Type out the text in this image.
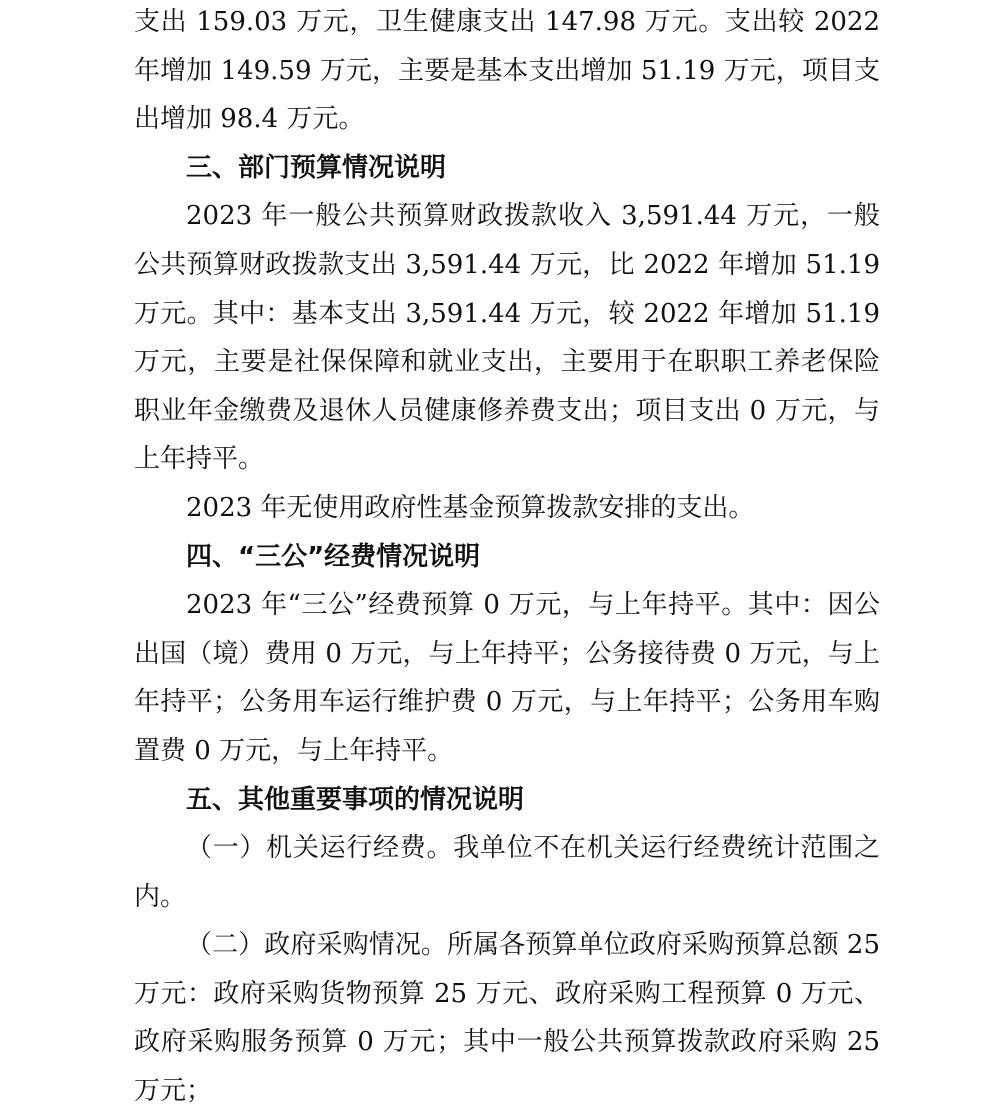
支出 159.03 万元，卫生健康支出 147.98 万元。支出较 2022 年增加 149.59 万元，主要是基本支出增加 51.19 万元，项目支出增加 98.4 万元。

三、部门预算情况说明

2023 年一般公共预算财政拨款收入 3,591.44 万元，一般公共预算财政拨款支出 3,591.44 万元，比 2022 年增加 51.19 万元。其中：基本支出 3,591.44 万元，较 2022 年增加 51.19 万元，主要是社保保障和就业支出，主要用于在职职工养老保险职业年金缴费及退休人员健康修养费支出；项目支出 0 万元，与上年持平。

2023 年无使用政府性基金预算拨款安排的支出。

四、“三公”经费情况说明

2023 年“三公”经费预算 0 万元，与上年持平。其中：因公出国（境）费用 0 万元，与上年持平；公务接待费 0 万元，与上年持平；公务用车运行维护费 0 万元，与上年持平；公务用车购置费 0 万元，与上年持平。

五、其他重要事项的情况说明

（一）机关运行经费。我单位不在机关运行经费统计范围之内。

（二）政府采购情况。所属各预算单位政府采购预算总额 25 万元：政府采购货物预算 25 万元、政府采购工程预算 0 万元、政府采购服务预算 0 万元；其中一般公共预算拨款政府采购 25 万元；
